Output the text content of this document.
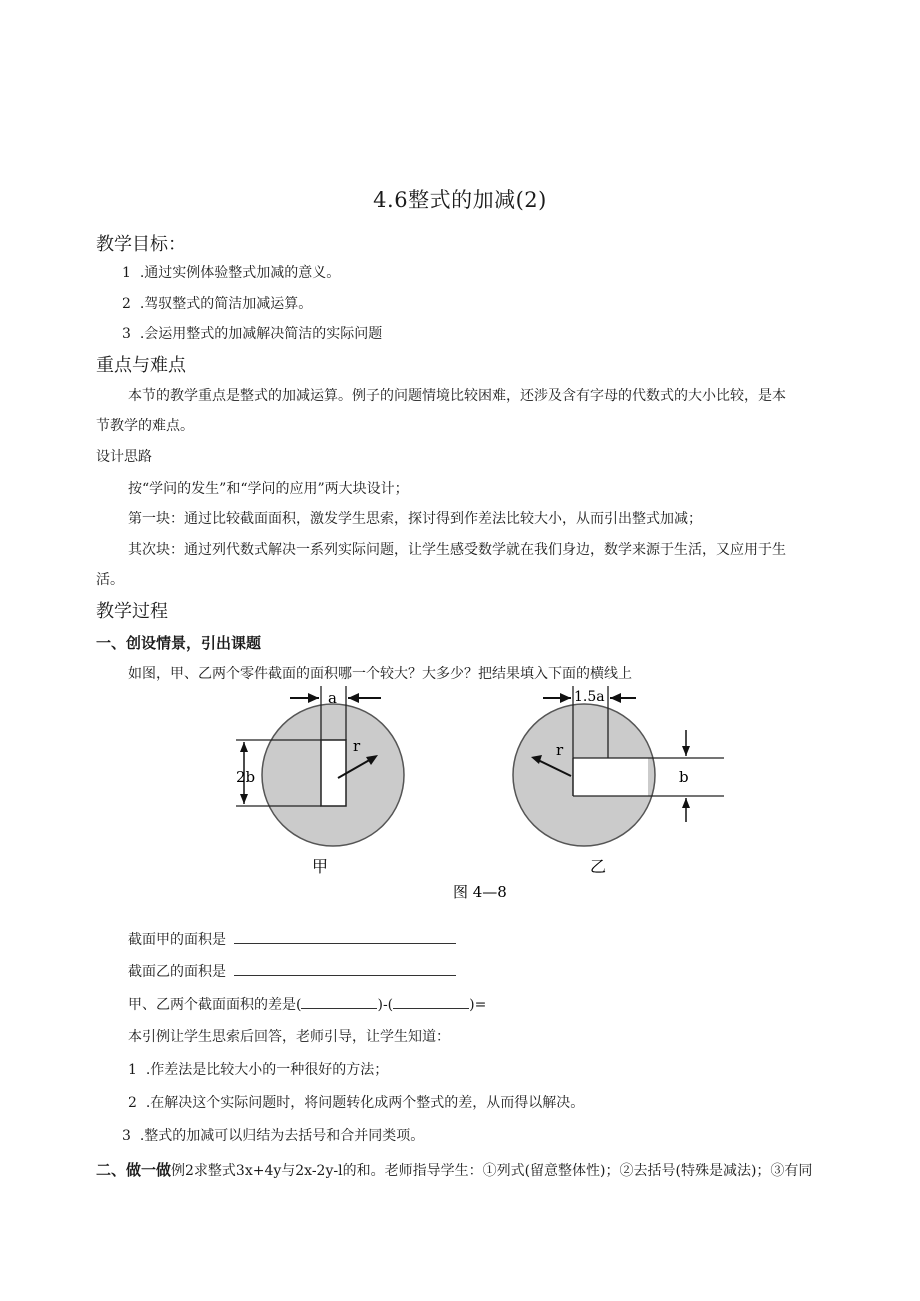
4.6整式的加减(2)
教学目标：
1 .通过实例体验整式加减的意义。
2 .驾驭整式的简洁加减运算。
3 .会运用整式的加减解决简洁的实际问题
重点与难点
本节的教学重点是整式的加减运算。例子的问题情境比较困难，还涉及含有字母的代数式的大小比较，是本
节教学的难点。
设计思路
按“学问的发生”和“学问的应用”两大块设计；
第一块：通过比较截面面积，激发学生思索，探讨得到作差法比较大小，从而引出整式加减；
其次块：通过列代数式解决一系列实际问题，让学生感受数学就在我们身边，数学来源于生活，又应用于生
活。
教学过程
一、创设情景，引出课题
如图，甲、乙两个零件截面的面积哪一个较大？大多少？把结果填入下面的横线上
a
2b
r
甲
1.5a
b
r
乙
图 4—8
截面甲的面积是
截面乙的面积是
甲、乙两个截面面积的差是(	)-(	)=
本引例让学生思索后回答，老师引导，让学生知道：
1 .作差法是比较大小的一种很好的方法；
2 .在解决这个实际问题时，将问题转化成两个整式的差，从而得以解决。
3 .整式的加减可以归结为去括号和合并同类项。
二、做一做例2求整式3x+4y与2x-2y-l的和。老师指导学生：①列式(留意整体性)；②去括号(特殊是减法)；③有同
